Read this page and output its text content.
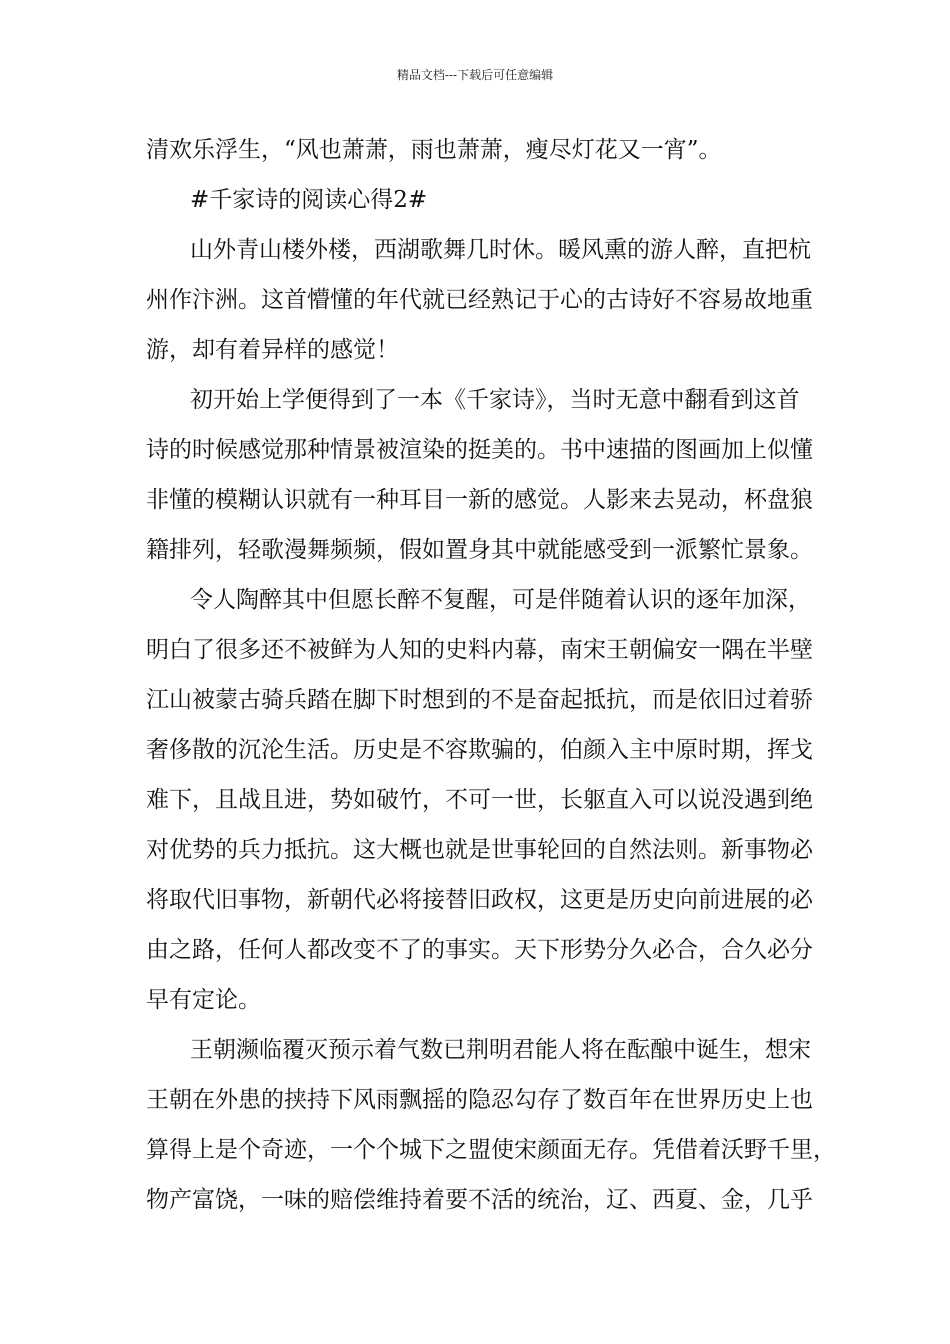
精品文档---下载后可任意编辑
清欢乐浮生，“风也萧萧，雨也萧萧，瘦尽灯花又一宵”。
#千家诗的阅读心得2#
山外青山楼外楼，西湖歌舞几时休。暖风熏的游人醉，直把杭
州作汴洲。这首懵懂的年代就已经熟记于心的古诗好不容易故地重
游，却有着异样的感觉！
初开始上学便得到了一本《千家诗》，当时无意中翻看到这首
诗的时候感觉那种情景被渲染的挺美的。书中速描的图画加上似懂
非懂的模糊认识就有一种耳目一新的感觉。人影来去晃动，杯盘狼
籍排列，轻歌漫舞频频，假如置身其中就能感受到一派繁忙景象。
令人陶醉其中但愿长醉不复醒，可是伴随着认识的逐年加深，
明白了很多还不被鲜为人知的史料内幕，南宋王朝偏安一隅在半壁
江山被蒙古骑兵踏在脚下时想到的不是奋起抵抗，而是依旧过着骄
奢侈散的沉沦生活。历史是不容欺骗的，伯颜入主中原时期，挥戈
难下，且战且进，势如破竹，不可一世，长躯直入可以说没遇到绝
对优势的兵力抵抗。这大概也就是世事轮回的自然法则。新事物必
将取代旧事物，新朝代必将接替旧政权，这更是历史向前进展的必
由之路，任何人都改变不了的事实。天下形势分久必合，合久必分
早有定论。
王朝濒临覆灭预示着气数已荆明君能人将在酝酿中诞生，想宋
王朝在外患的挟持下风雨飘摇的隐忍勾存了数百年在世界历史上也
算得上是个奇迹，一个个城下之盟使宋颜面无存。凭借着沃野千里，
物产富饶，一味的赔偿维持着要不活的统治，辽、西夏、金，几乎
